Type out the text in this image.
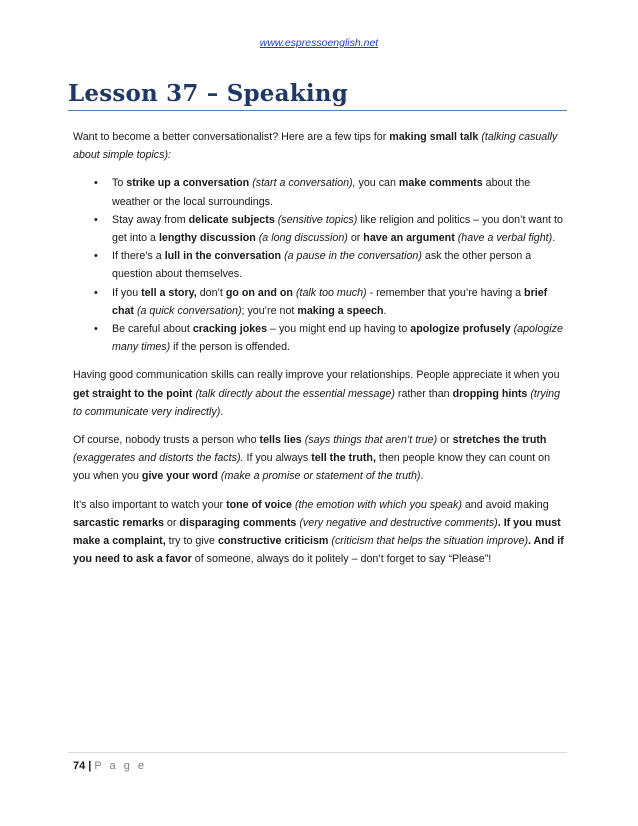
www.espressoenglish.net
Lesson 37 – Speaking

Want to become a better conversationalist? Here are a few tips for making small talk (talking casually about simple topics):

• To strike up a conversation (start a conversation), you can make comments about the weather or the local surroundings.
• Stay away from delicate subjects (sensitive topics) like religion and politics – you don’t want to get into a lengthy discussion (a long discussion) or have an argument (have a verbal fight).
• If there’s a lull in the conversation (a pause in the conversation) ask the other person a question about themselves.
• If you tell a story, don’t go on and on (talk too much) - remember that you’re having a brief chat (a quick conversation); you’re not making a speech.
• Be careful about cracking jokes – you might end up having to apologize profusely (apologize many times) if the person is offended.

Having good communication skills can really improve your relationships. People appreciate it when you get straight to the point (talk directly about the essential message) rather than dropping hints (trying to communicate very indirectly).

Of course, nobody trusts a person who tells lies (says things that aren’t true) or stretches the truth (exaggerates and distorts the facts). If you always tell the truth, then people know they can count on you when you give your word (make a promise or statement of the truth).

It’s also important to watch your tone of voice (the emotion with which you speak) and avoid making sarcastic remarks or disparaging comments (very negative and destructive comments). If you must make a complaint, try to give constructive criticism (criticism that helps the situation improve). And if you need to ask a favor of someone, always do it politely – don’t forget to say “Please”!

74 | P a g e
